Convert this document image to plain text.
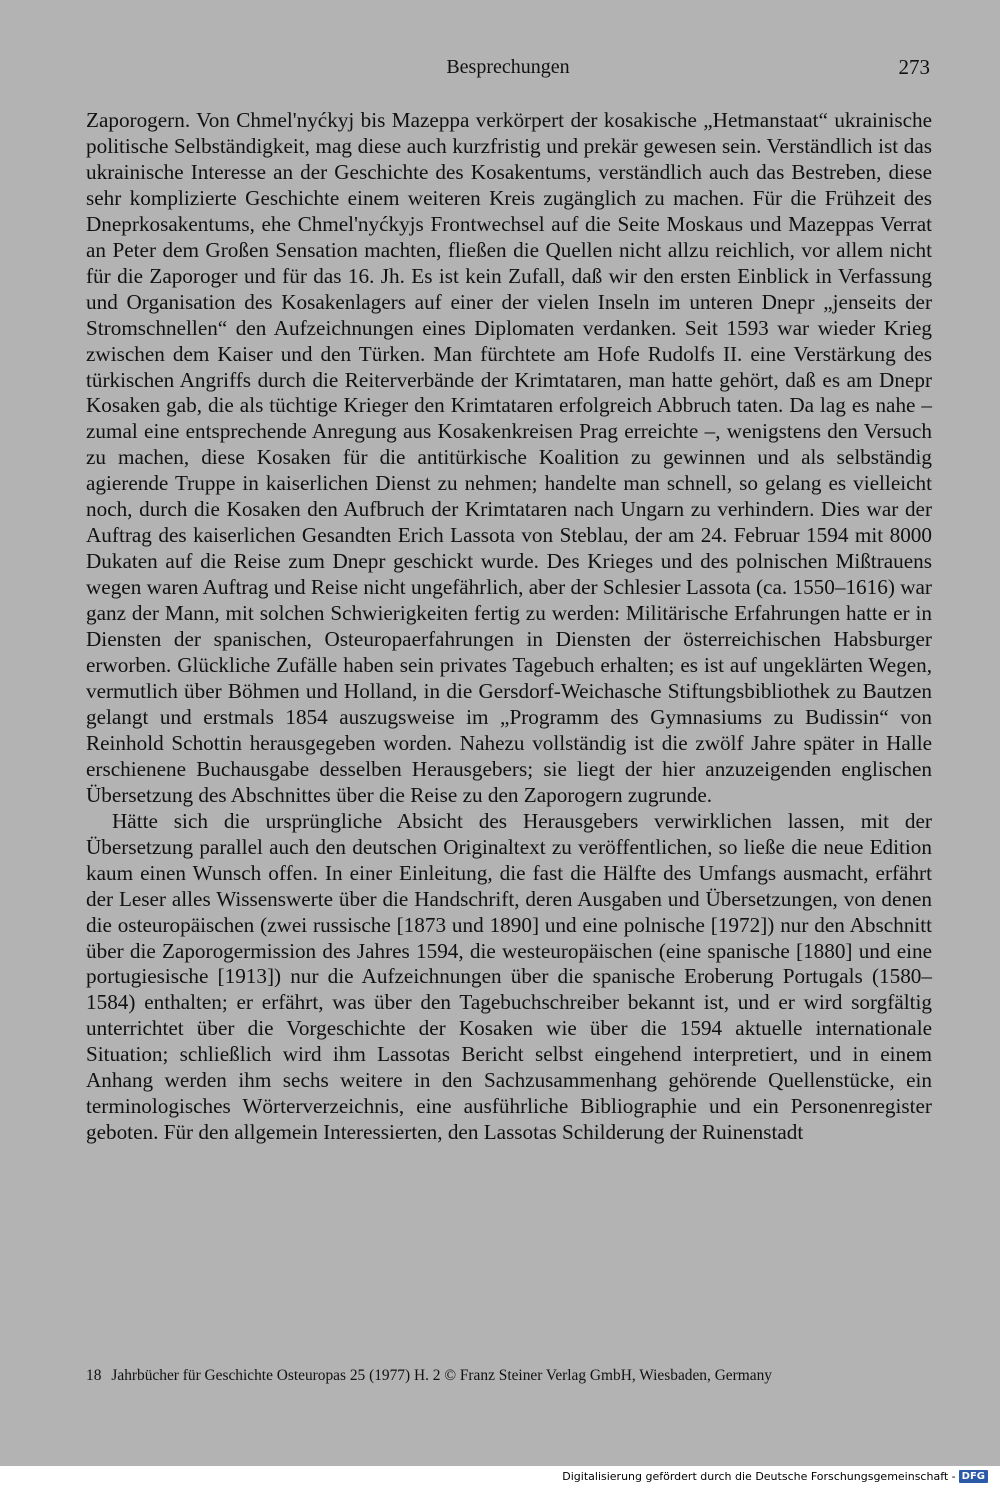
Besprechungen	273

Zaporogern. Von Chmel'nyćkyj bis Mazeppa verkörpert der kosakische „Hetmanstaat“ ukrainische politische Selbständigkeit, mag diese auch kurzfristig und prekär gewesen sein. Verständlich ist das ukrainische Interesse an der Geschichte des Kosakentums, verständlich auch das Bestreben, diese sehr komplizierte Geschichte einem weiteren Kreis zugänglich zu machen. Für die Frühzeit des Dneprkosakentums, ehe Chmel'nyćkyjs Frontwechsel auf die Seite Moskaus und Mazeppas Verrat an Peter dem Großen Sensation machten, fließen die Quellen nicht allzu reichlich, vor allem nicht für die Zaporoger und für das 16. Jh. Es ist kein Zufall, daß wir den ersten Einblick in Verfassung und Organisation des Kosakenlagers auf einer der vielen Inseln im unteren Dnepr „jenseits der Stromschnellen“ den Aufzeichnungen eines Diplomaten verdanken. Seit 1593 war wieder Krieg zwischen dem Kaiser und den Türken. Man fürchtete am Hofe Rudolfs II. eine Verstärkung des türkischen Angriffs durch die Reiterverbände der Krimtataren, man hatte gehört, daß es am Dnepr Kosaken gab, die als tüchtige Krieger den Krimtataren erfolgreich Abbruch taten. Da lag es nahe – zumal eine entsprechende Anregung aus Kosakenkreisen Prag erreichte –, wenigstens den Versuch zu machen, diese Kosaken für die antitürkische Koalition zu gewinnen und als selbständig agierende Truppe in kaiserlichen Dienst zu nehmen; handelte man schnell, so gelang es vielleicht noch, durch die Kosaken den Aufbruch der Krimtataren nach Ungarn zu verhindern. Dies war der Auftrag des kaiserlichen Gesandten Erich Lassota von Steblau, der am 24. Februar 1594 mit 8000 Dukaten auf die Reise zum Dnepr geschickt wurde. Des Krieges und des polnischen Mißtrauens wegen waren Auftrag und Reise nicht ungefährlich, aber der Schlesier Lassota (ca. 1550–1616) war ganz der Mann, mit solchen Schwierigkeiten fertig zu werden: Militärische Erfahrungen hatte er in Diensten der spanischen, Osteuropaerfahrungen in Diensten der österreichischen Habsburger erworben. Glückliche Zufälle haben sein privates Tagebuch erhalten; es ist auf ungeklärten Wegen, vermutlich über Böhmen und Holland, in die Gersdorf-Weichasche Stiftungsbibliothek zu Bautzen gelangt und erstmals 1854 auszugsweise im „Programm des Gymnasiums zu Budissin“ von Reinhold Schottin herausgegeben worden. Nahezu vollständig ist die zwölf Jahre später in Halle erschienene Buchausgabe desselben Herausgebers; sie liegt der hier anzuzeigenden englischen Übersetzung des Abschnittes über die Reise zu den Zaporogern zugrunde.

Hätte sich die ursprüngliche Absicht des Herausgebers verwirklichen lassen, mit der Übersetzung parallel auch den deutschen Originaltext zu veröffentlichen, so ließe die neue Edition kaum einen Wunsch offen. In einer Einleitung, die fast die Hälfte des Umfangs ausmacht, erfährt der Leser alles Wissenswerte über die Handschrift, deren Ausgaben und Übersetzungen, von denen die osteuropäischen (zwei russische [1873 und 1890] und eine polnische [1972]) nur den Abschnitt über die Zaporogermission des Jahres 1594, die westeuropäischen (eine spanische [1880] und eine portugiesische [1913]) nur die Aufzeichnungen über die spanische Eroberung Portugals (1580–1584) enthalten; er erfährt, was über den Tagebuchschreiber bekannt ist, und er wird sorgfältig unterrichtet über die Vorgeschichte der Kosaken wie über die 1594 aktuelle internationale Situation; schließlich wird ihm Lassotas Bericht selbst eingehend interpretiert, und in einem Anhang werden ihm sechs weitere in den Sachzusammenhang gehörende Quellenstücke, ein terminologisches Wörterverzeichnis, eine ausführliche Bibliographie und ein Personenregister geboten. Für den allgemein Interessierten, den Lassotas Schilderung der Ruinenstadt

18 Jahrbücher für Geschichte Osteuropas 25 (1977) H. 2 © Franz Steiner Verlag GmbH, Wiesbaden, Germany
Digitalisierung gefördert durch die Deutsche Forschungsgemeinschaft - DFG
